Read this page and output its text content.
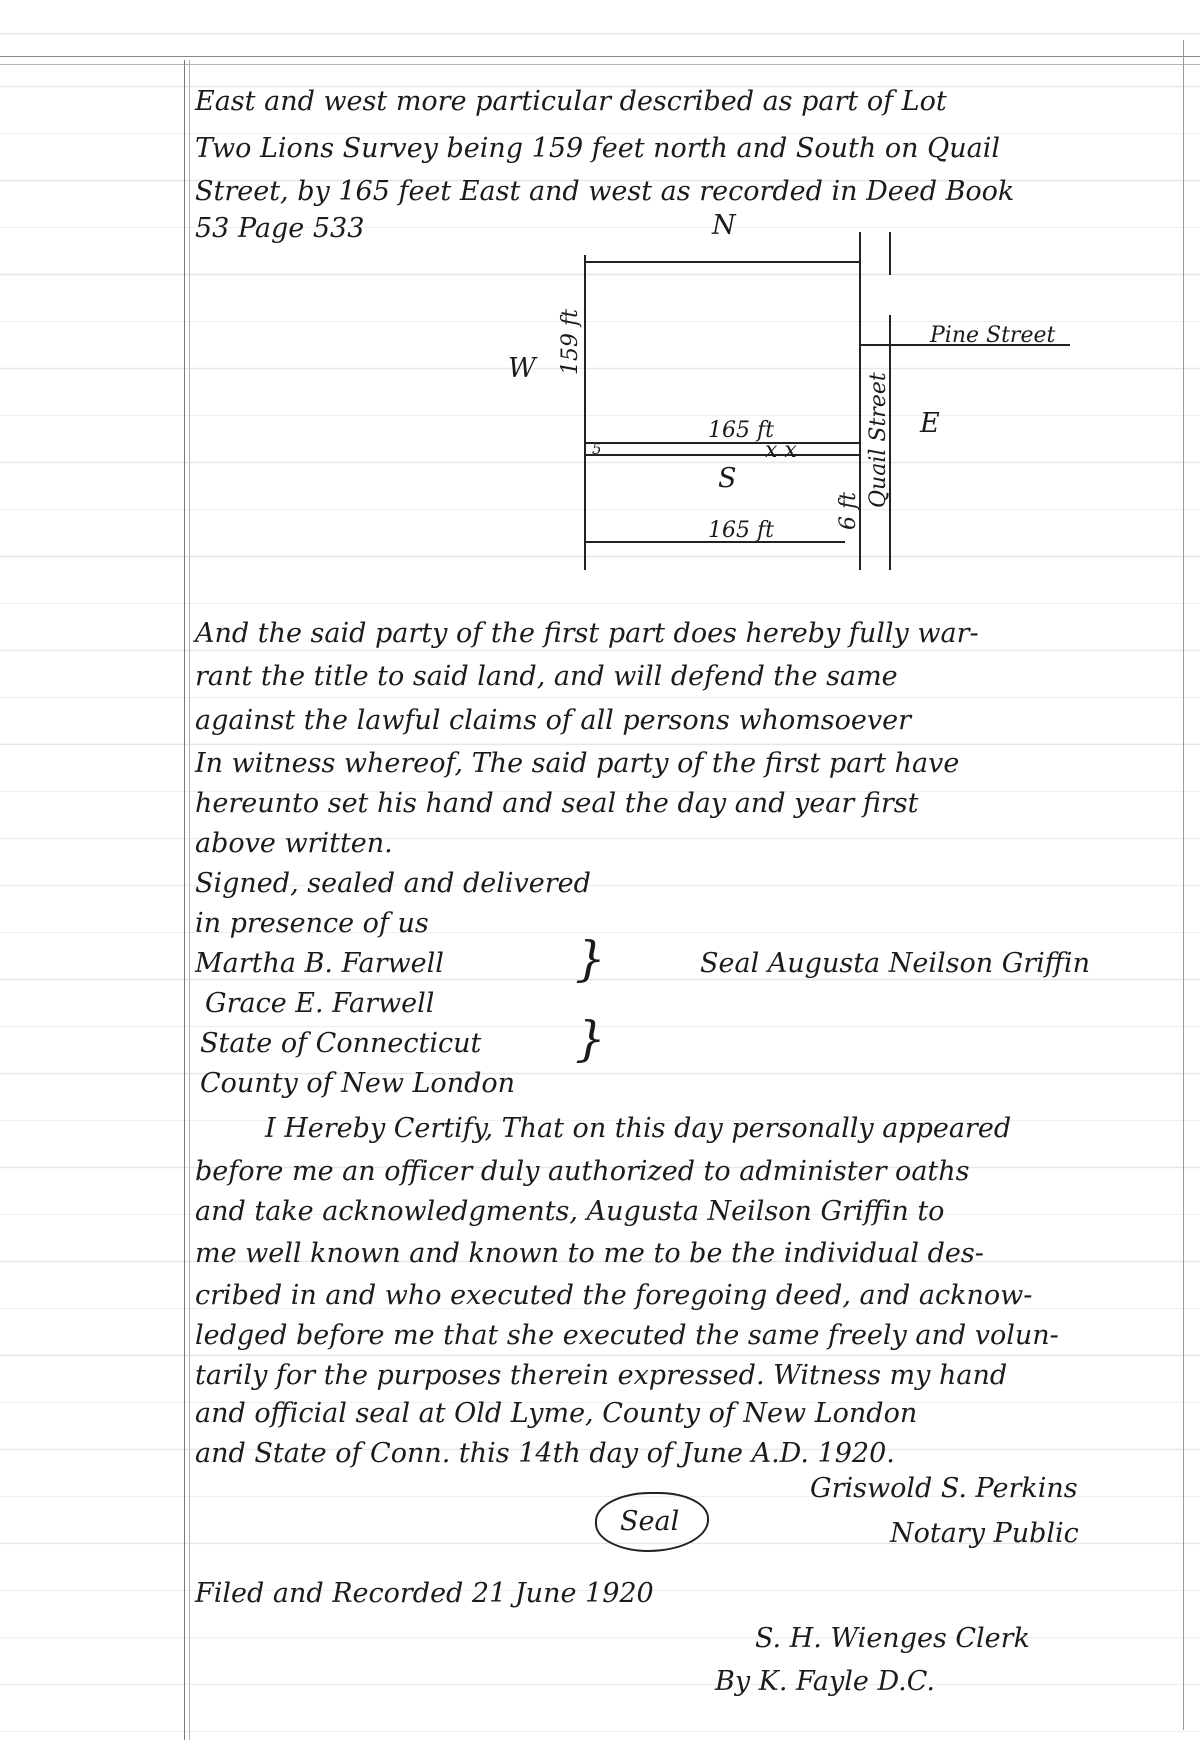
East and west more particular described as part of Lot
Two Lions Survey being 159 feet north and South on Quail
Street, by 165 feet East and west as recorded in Deed Book
53 Page 533	N
W
E
S
159 ft
165 ft
x x
5
6 ft
165 ft
Pine Street
Quail Street
And the said party of the first part does hereby fully war-
rant the title to said land, and will defend the same
against the lawful claims of all persons whomsoever
In witness whereof, The said party of the first part have
hereunto set his hand and seal the day and year first
above written.
Signed, sealed and delivered
in presence of us
Martha B. Farwell
Grace E. Farwell
}	Seal Augusta Neilson Griffin
State of Connecticut
County of New London
}
I Hereby Certify, That on this day personally appeared
before me an officer duly authorized to administer oaths
and take acknowledgments, Augusta Neilson Griffin to
me well known and known to me to be the individual des-
cribed in and who executed the foregoing deed, and acknow-
ledged before me that she executed the same freely and volun-
tarily for the purposes therein expressed. Witness my hand
and official seal at Old Lyme, County of New London
and State of Conn. this 14th day of June A.D. 1920.
Griswold S. Perkins
Notary Public
Seal
Filed and Recorded 21 June 1920
S. H. Wienges Clerk
By K. Fayle D.C.
